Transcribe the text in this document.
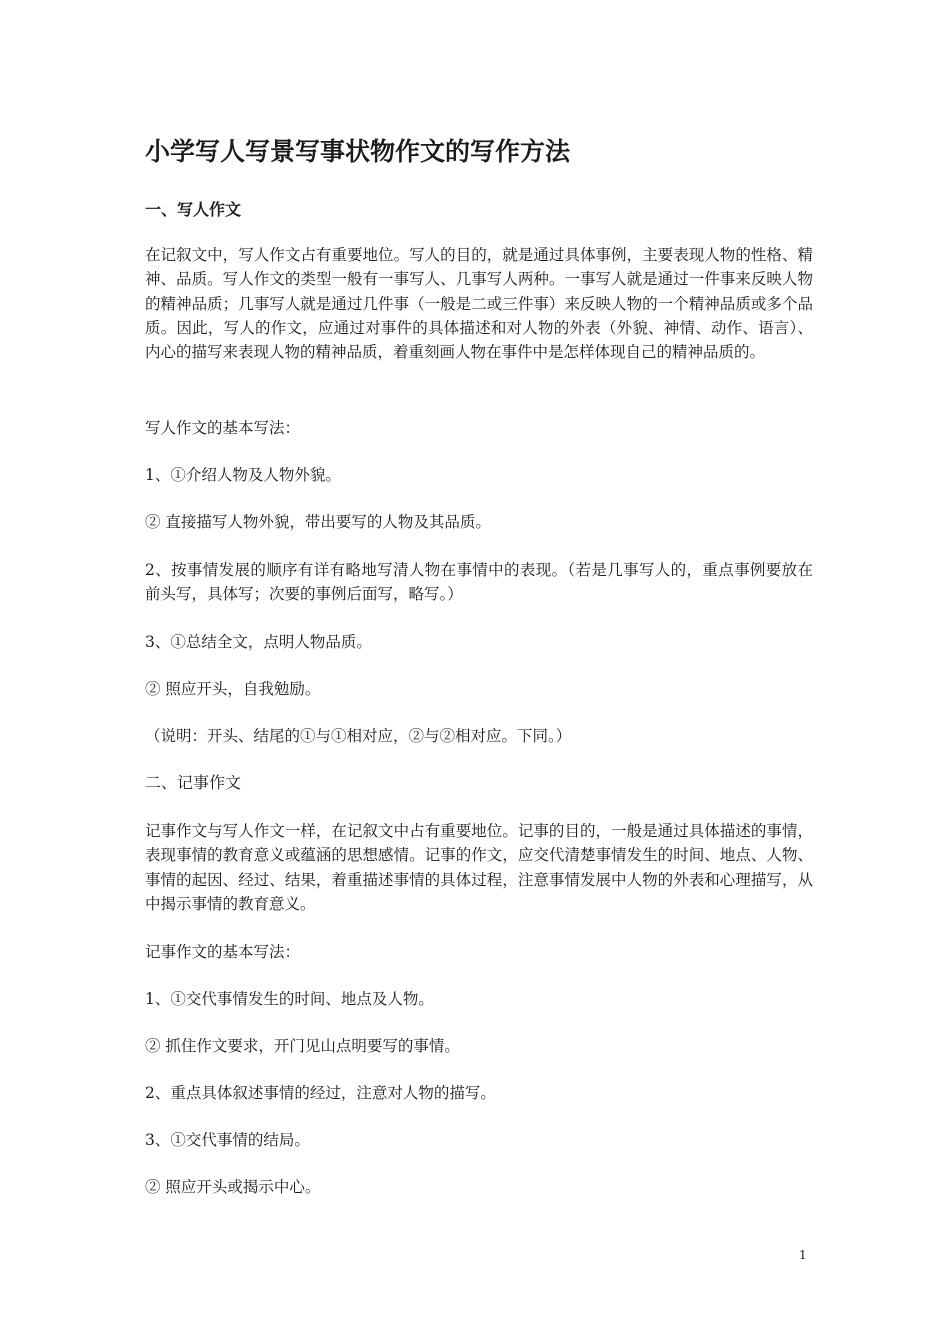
小学写人写景写事状物作文的写作方法
一、写人作文

在记叙文中，写人作文占有重要地位。写人的目的，就是通过具体事例，主要表现人物的性格、精神、品质。写人作文的类型一般有一事写人、几事写人两种。一事写人就是通过一件事来反映人物的精神品质；几事写人就是通过几件事（一般是二或三件事）来反映人物的一个精神品质或多个品质。因此，写人的作文，应通过对事件的具体描述和对人物的外表（外貌、神情、动作、语言）、内心的描写来表现人物的精神品质，着重刻画人物在事件中是怎样体现自己的精神品质的。

写人作文的基本写法：

1、①介绍人物及人物外貌。

② 直接描写人物外貌，带出要写的人物及其品质。

2、按事情发展的顺序有详有略地写清人物在事情中的表现。（若是几事写人的，重点事例要放在前头写，具体写；次要的事例后面写，略写。）

3、①总结全文，点明人物品质。

② 照应开头，自我勉励。

（说明：开头、结尾的①与①相对应，②与②相对应。下同。）

二、记事作文

记事作文与写人作文一样，在记叙文中占有重要地位。记事的目的，一般是通过具体描述的事情，表现事情的教育意义或蕴涵的思想感情。记事的作文，应交代清楚事情发生的时间、地点、人物、事情的起因、经过、结果，着重描述事情的具体过程，注意事情发展中人物的外表和心理描写，从中揭示事情的教育意义。

记事作文的基本写法：

1、①交代事情发生的时间、地点及人物。

② 抓住作文要求，开门见山点明要写的事情。

2、重点具体叙述事情的经过，注意对人物的描写。

3、①交代事情的结局。

② 照应开头或揭示中心。

1
